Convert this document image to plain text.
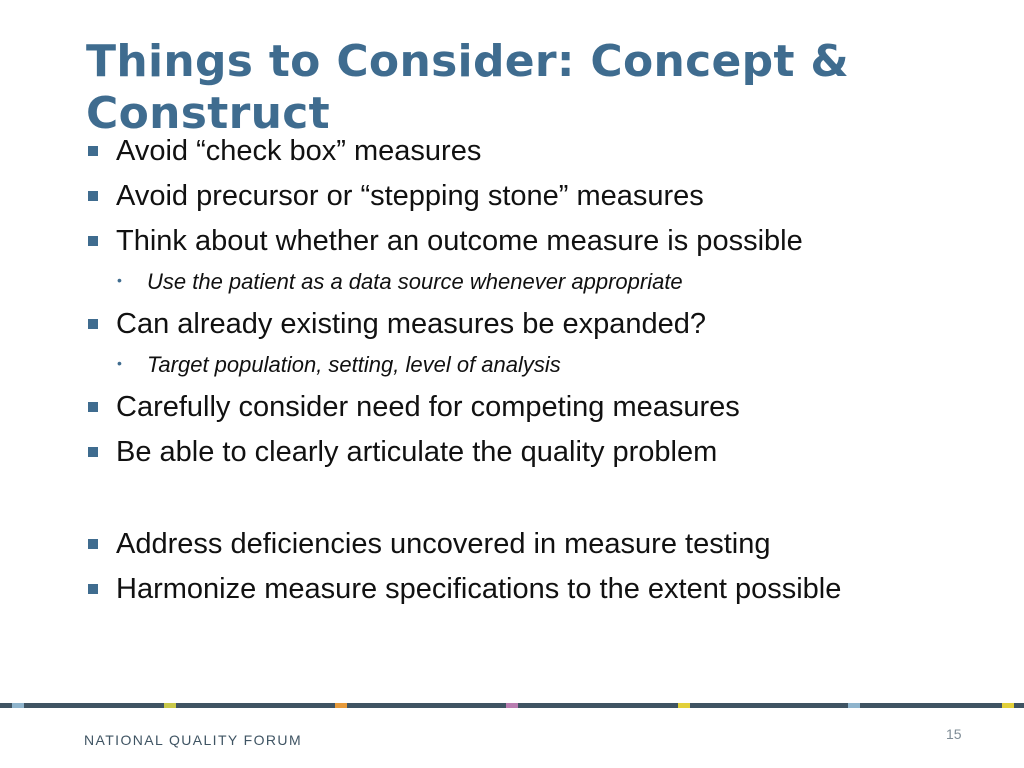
Things to Consider: Concept & Construct
Avoid “check box” measures
Avoid precursor or “stepping stone” measures
Think about whether an outcome measure is possible
• Use the patient as a data source whenever appropriate
Can already existing measures be expanded?
• Target population, setting, level of analysis
Carefully consider need for competing measures
Be able to clearly articulate the quality problem
Address deficiencies uncovered in measure testing
Harmonize measure specifications to the extent possible
NATIONAL QUALITY FORUM	15
